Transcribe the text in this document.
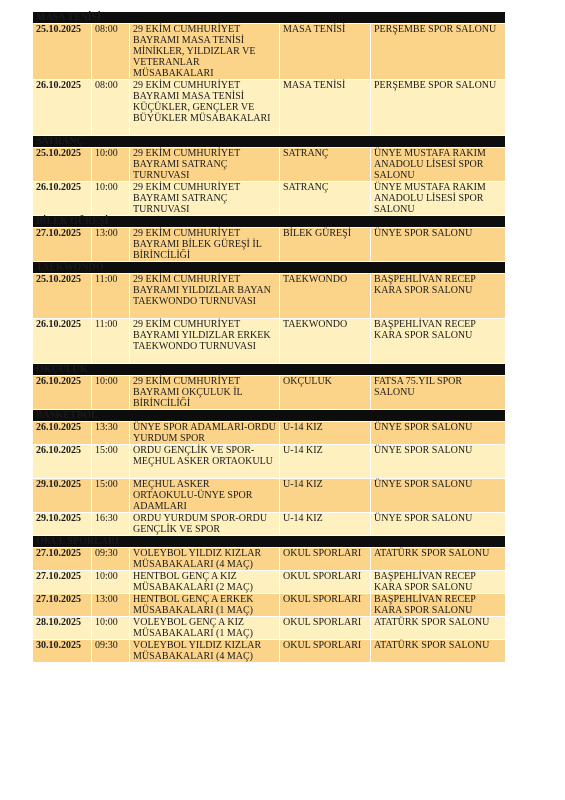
MASA TENİSİ				
25.10.2025	08:00	29 EKİM CUMHURİYET BAYRAMI MASA TENİSİ MİNİKLER, YILDIZLAR VE VETERANLAR MÜSABAKALARI	MASA TENİSİ	PERŞEMBE SPOR SALONU
26.10.2025	08:00	29 EKİM CUMHURİYET BAYRAMI MASA TENİSİ KÜÇÜKLER, GENÇLER VE BÜYÜKLER MÜSABAKALARI	MASA TENİSİ	PERŞEMBE SPOR SALONU
SATRANÇ				
25.10.2025	10:00	29 EKİM CUMHURİYET BAYRAMI SATRANÇ TURNUVASI	SATRANÇ	ÜNYE MUSTAFA RAKIM ANADOLU LİSESİ SPOR SALONU
26.10.2025	10:00	29 EKİM CUMHURİYET BAYRAMI SATRANÇ TURNUVASI	SATRANÇ	ÜNYE MUSTAFA RAKIM ANADOLU LİSESİ SPOR SALONU
BİLEK GÜREŞİ				
27.10.2025	13:00	29 EKİM CUMHURİYET BAYRAMI BİLEK GÜREŞİ İL BİRİNCİLİĞİ	BİLEK GÜREŞİ	ÜNYE SPOR SALONU
TAEKWONDO				
25.10.2025	11:00	29 EKİM CUMHURİYET BAYRAMI YILDIZLAR BAYAN TAEKWONDO TURNUVASI	TAEKWONDO	BAŞPEHLİVAN RECEP KARA SPOR SALONU
26.10.2025	11:00	29 EKİM CUMHURİYET BAYRAMI YILDIZLAR ERKEK TAEKWONDO TURNUVASI	TAEKWONDO	BAŞPEHLİVAN RECEP KARA SPOR SALONU
OKÇULUK				
26.10.2025	10:00	29 EKİM CUMHURİYET BAYRAMI OKÇULUK İL BİRİNCİLİĞİ	OKÇULUK	FATSA 75.YIL SPOR SALONU
BASKETBOL				
26.10.2025	13:30	ÜNYE SPOR ADAMLARI-ORDU YURDUM SPOR	U-14 KIZ	ÜNYE SPOR SALONU
26.10.2025	15:00	ORDU GENÇLİK VE SPOR-MEÇHUL ASKER ORTAOKULU	U-14 KIZ	ÜNYE SPOR SALONU
29.10.2025	15:00	MEÇHUL ASKER ORTAOKULU-ÜNYE SPOR ADAMLARI	U-14 KIZ	ÜNYE SPOR SALONU
29.10.2025	16:30	ORDU YURDUM SPOR-ORDU GENÇLİK VE SPOR	U-14 KIZ	ÜNYE SPOR SALONU
OKUL SPORLARI				
27.10.2025	09:30	VOLEYBOL YILDIZ KIZLAR MÜSABAKALARI (4 MAÇ)	OKUL SPORLARI	ATATÜRK SPOR SALONU
27.10.2025	10:00	HENTBOL GENÇ A KIZ MÜSABAKALARI (2 MAÇ)	OKUL SPORLARI	BAŞPEHLİVAN RECEP KARA SPOR SALONU
27.10.2025	13:00	HENTBOL GENÇ A ERKEK MÜSABAKALARI (1 MAÇ)	OKUL SPORLARI	BAŞPEHLİVAN RECEP KARA SPOR SALONU
28.10.2025	10:00	VOLEYBOL GENÇ A KIZ MÜSABAKALARI (1 MAÇ)	OKUL SPORLARI	ATATÜRK SPOR SALONU
30.10.2025	09:30	VOLEYBOL YILDIZ KIZLAR MÜSABAKALARI (4 MAÇ)	OKUL SPORLARI	ATATÜRK SPOR SALONU
